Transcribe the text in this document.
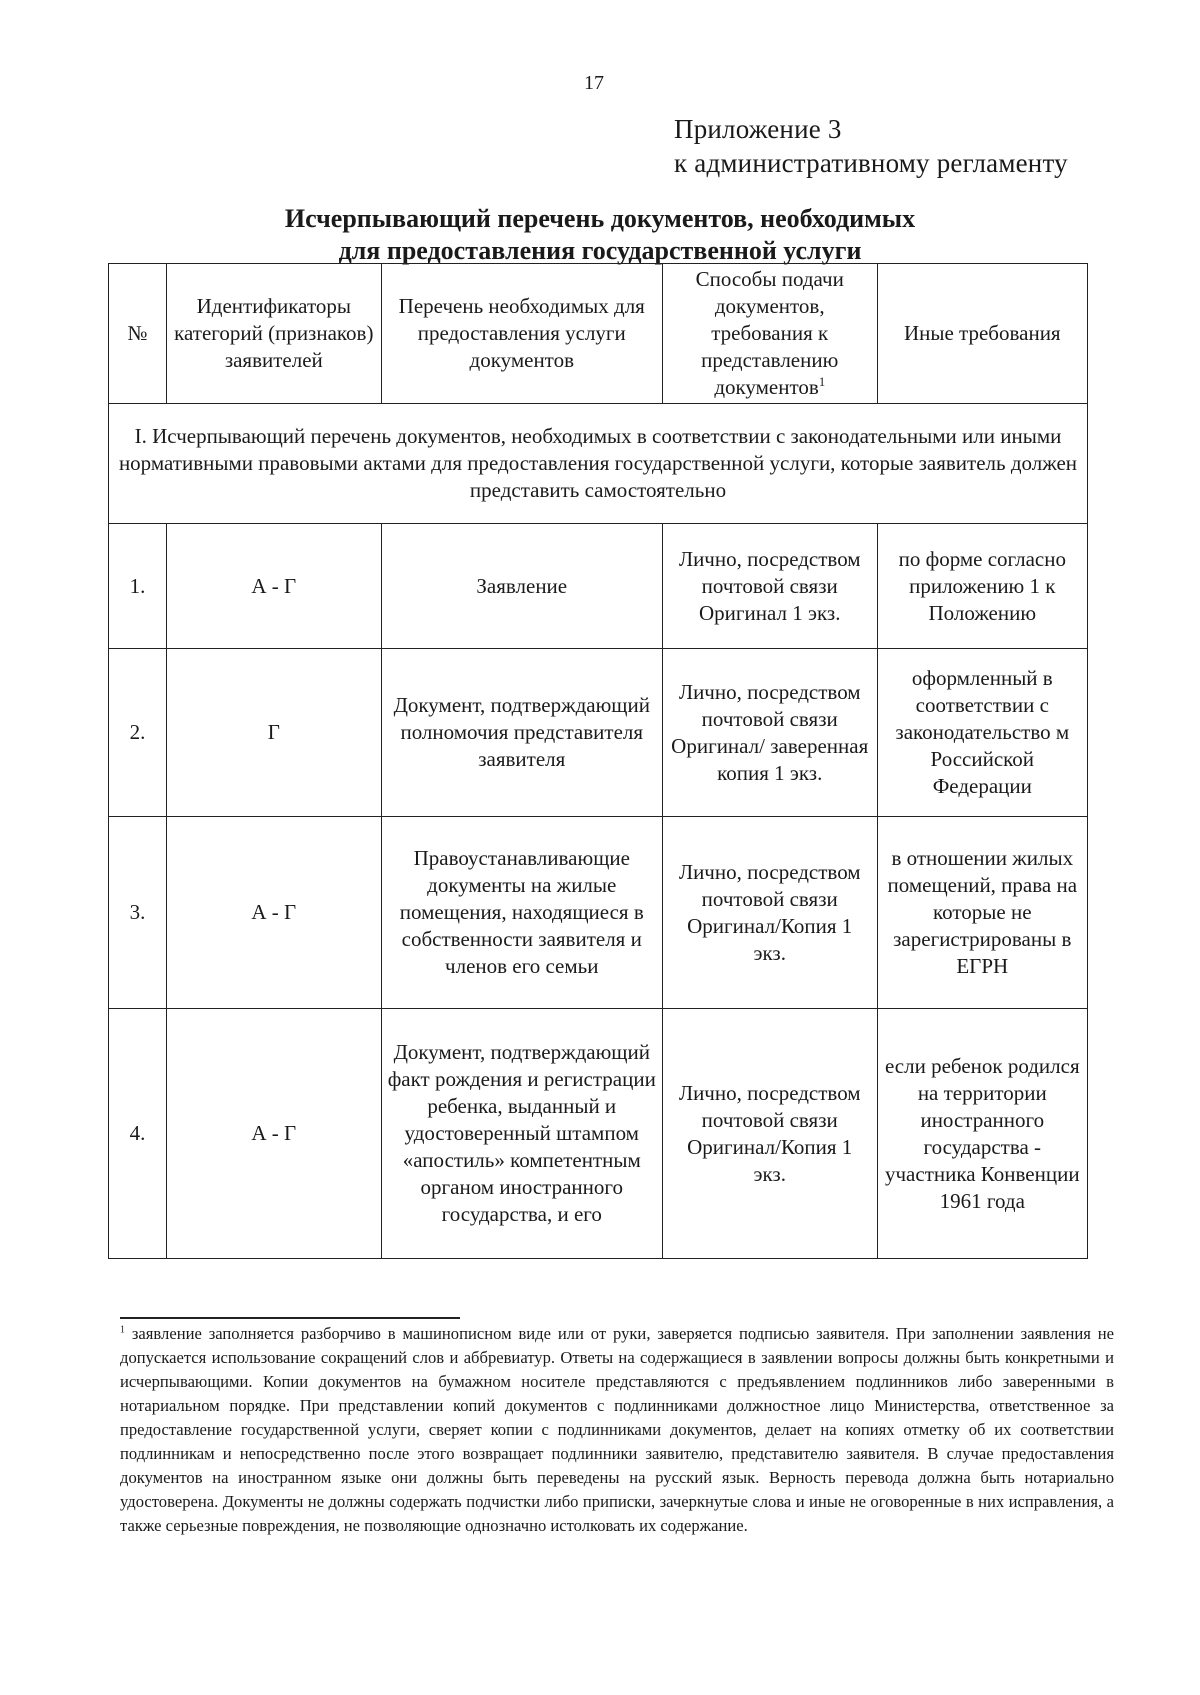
17
Приложение 3
к административному регламенту
Исчерпывающий перечень документов, необходимых
для предоставления государственной услуги
№	Идентификаторы категорий (признаков) заявителей	Перечень необходимых для предоставления услуги документов	Способы подачи документов, требования к представлению документов$^1$	Иные требования
I. Исчерпывающий перечень документов, необходимых в соответствии с законодательными или иными нормативными правовыми актами для предоставления государственной услуги, которые заявитель должен представить самостоятельно				
1.	А - Г	Заявление	Лично, посредством почтовой связи Оригинал 1 экз.	по форме согласно приложению 1 к Положению
2.	Г	Документ, подтверждающий полномочия представителя заявителя	Лично, посредством почтовой связи Оригинал/ заверенная копия 1 экз.	оформленный в соответствии с законодательство м Российской Федерации
3.	А - Г	Правоустанавливающие документы на жилые помещения, находящиеся в собственности заявителя и членов его семьи	Лично, посредством почтовой связи Оригинал/Копия 1 экз.	в отношении жилых помещений, права на которые не зарегистрированы в ЕГРН
4.	А - Г	Документ, подтверждающий факт рождения и регистрации ребенка, выданный и удостоверенный штампом «апостиль» компетентным органом иностранного государства, и его	Лично, посредством почтовой связи Оригинал/Копия 1 экз.	если ребенок родился на территории иностранного государства - участника Конвенции 1961 года
$^1$ заявление заполняется разборчиво в машинописном виде или от руки, заверяется подписью заявителя. При заполнении заявления не допускается использование сокращений слов и аббревиатур. Ответы на содержащиеся в заявлении вопросы должны быть конкретными и исчерпывающими. Копии документов на бумажном носителе представляются с предъявлением подлинников либо заверенными в нотариальном порядке. При представлении копий документов с подлинниками должностное лицо Министерства, ответственное за предоставление государственной услуги, сверяет копии с подлинниками документов, делает на копиях отметку об их соответствии подлинникам и непосредственно после этого возвращает подлинники заявителю, представителю заявителя. В случае предоставления документов на иностранном языке они должны быть переведены на русский язык. Верность перевода должна быть нотариально удостоверена. Документы не должны содержать подчистки либо приписки, зачеркнутые слова и иные не оговоренные в них исправления, а также серьезные повреждения, не позволяющие однозначно истолковать их содержание.
